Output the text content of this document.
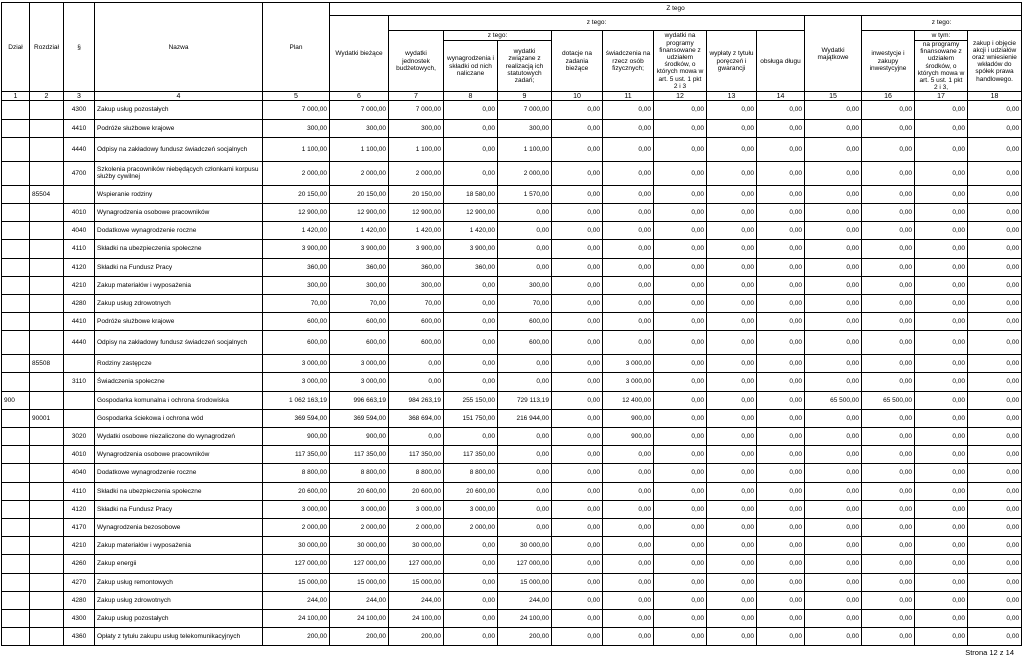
Dział	Rozdział	§	Nazwa	Plan	Z tego												
					Wydatki bieżące	z tego:								Wydatki majątkowe	z tego:		
						wydatki jednostek budżetowych,	z tego:		dotacje na zadania bieżące	świadczenia na rzecz osób fizycznych;	wydatki na programy finansowane z udziałem środków, o których mowa w art. 5 ust. 1 pkt 2 i 3	wypłaty z tytułu poręczeń i gwarancji	obsługa długu		inwestycje i zakupy inwestycyjne	w tym:	zakup i objęcie akcji i udziałów oraz wniesienie wkładów do spółek prawa handlowego.
							wynagrodzenia i składki od nich naliczane	wydatki związane z realizacją ich statutowych zadań;								na programy finansowane z udziałem środków, o których mowa w art. 5 ust. 1 pkt 2 i 3,	
1	2	3	4	5	6	7	8	9	10	11	12	13	14	15	16	17	18
		4300	Zakup usług pozostałych	7 000,00	7 000,00	7 000,00	0,00	7 000,00	0,00	0,00	0,00	0,00	0,00	0,00	0,00	0,00	0,00
		4410	Podróże służbowe krajowe	300,00	300,00	300,00	0,00	300,00	0,00	0,00	0,00	0,00	0,00	0,00	0,00	0,00	0,00
		4440	Odpisy na zakładowy fundusz świadczeń socjalnych	1 100,00	1 100,00	1 100,00	0,00	1 100,00	0,00	0,00	0,00	0,00	0,00	0,00	0,00	0,00	0,00
		4700	Szkolenia pracowników niebędących członkami korpusu służby cywilnej	2 000,00	2 000,00	2 000,00	0,00	2 000,00	0,00	0,00	0,00	0,00	0,00	0,00	0,00	0,00	0,00
	85504		Wspieranie rodziny	20 150,00	20 150,00	20 150,00	18 580,00	1 570,00	0,00	0,00	0,00	0,00	0,00	0,00	0,00	0,00	0,00
		4010	Wynagrodzenia osobowe pracowników	12 900,00	12 900,00	12 900,00	12 900,00	0,00	0,00	0,00	0,00	0,00	0,00	0,00	0,00	0,00	0,00
		4040	Dodatkowe wynagrodzenie roczne	1 420,00	1 420,00	1 420,00	1 420,00	0,00	0,00	0,00	0,00	0,00	0,00	0,00	0,00	0,00	0,00
		4110	Składki na ubezpieczenia społeczne	3 900,00	3 900,00	3 900,00	3 900,00	0,00	0,00	0,00	0,00	0,00	0,00	0,00	0,00	0,00	0,00
		4120	Składki na Fundusz Pracy	360,00	360,00	360,00	360,00	0,00	0,00	0,00	0,00	0,00	0,00	0,00	0,00	0,00	0,00
		4210	Zakup materiałów i wyposażenia	300,00	300,00	300,00	0,00	300,00	0,00	0,00	0,00	0,00	0,00	0,00	0,00	0,00	0,00
		4280	Zakup usług zdrowotnych	70,00	70,00	70,00	0,00	70,00	0,00	0,00	0,00	0,00	0,00	0,00	0,00	0,00	0,00
		4410	Podróże służbowe krajowe	600,00	600,00	600,00	0,00	600,00	0,00	0,00	0,00	0,00	0,00	0,00	0,00	0,00	0,00
		4440	Odpisy na zakładowy fundusz świadczeń socjalnych	600,00	600,00	600,00	0,00	600,00	0,00	0,00	0,00	0,00	0,00	0,00	0,00	0,00	0,00
	85508		Rodziny zastępcze	3 000,00	3 000,00	0,00	0,00	0,00	0,00	3 000,00	0,00	0,00	0,00	0,00	0,00	0,00	0,00
		3110	Świadczenia społeczne	3 000,00	3 000,00	0,00	0,00	0,00	0,00	3 000,00	0,00	0,00	0,00	0,00	0,00	0,00	0,00
900			Gospodarka komunalna i ochrona środowiska	1 062 163,19	996 663,19	984 263,19	255 150,00	729 113,19	0,00	12 400,00	0,00	0,00	0,00	65 500,00	65 500,00	0,00	0,00
	90001		Gospodarka ściekowa i ochrona wód	369 594,00	369 594,00	368 694,00	151 750,00	216 944,00	0,00	900,00	0,00	0,00	0,00	0,00	0,00	0,00	0,00
		3020	Wydatki osobowe niezaliczone do wynagrodzeń	900,00	900,00	0,00	0,00	0,00	0,00	900,00	0,00	0,00	0,00	0,00	0,00	0,00	0,00
		4010	Wynagrodzenia osobowe pracowników	117 350,00	117 350,00	117 350,00	117 350,00	0,00	0,00	0,00	0,00	0,00	0,00	0,00	0,00	0,00	0,00
		4040	Dodatkowe wynagrodzenie roczne	8 800,00	8 800,00	8 800,00	8 800,00	0,00	0,00	0,00	0,00	0,00	0,00	0,00	0,00	0,00	0,00
		4110	Składki na ubezpieczenia społeczne	20 600,00	20 600,00	20 600,00	20 600,00	0,00	0,00	0,00	0,00	0,00	0,00	0,00	0,00	0,00	0,00
		4120	Składki na Fundusz Pracy	3 000,00	3 000,00	3 000,00	3 000,00	0,00	0,00	0,00	0,00	0,00	0,00	0,00	0,00	0,00	0,00
		4170	Wynagrodzenia bezosobowe	2 000,00	2 000,00	2 000,00	2 000,00	0,00	0,00	0,00	0,00	0,00	0,00	0,00	0,00	0,00	0,00
		4210	Zakup materiałów i wyposażenia	30 000,00	30 000,00	30 000,00	0,00	30 000,00	0,00	0,00	0,00	0,00	0,00	0,00	0,00	0,00	0,00
		4260	Zakup energii	127 000,00	127 000,00	127 000,00	0,00	127 000,00	0,00	0,00	0,00	0,00	0,00	0,00	0,00	0,00	0,00
		4270	Zakup usług remontowych	15 000,00	15 000,00	15 000,00	0,00	15 000,00	0,00	0,00	0,00	0,00	0,00	0,00	0,00	0,00	0,00
		4280	Zakup usług zdrowotnych	244,00	244,00	244,00	0,00	244,00	0,00	0,00	0,00	0,00	0,00	0,00	0,00	0,00	0,00
		4300	Zakup usług pozostałych	24 100,00	24 100,00	24 100,00	0,00	24 100,00	0,00	0,00	0,00	0,00	0,00	0,00	0,00	0,00	0,00
		4360	Opłaty z tytułu zakupu usług telekomunikacyjnych	200,00	200,00	200,00	0,00	200,00	0,00	0,00	0,00	0,00	0,00	0,00	0,00	0,00	0,00
Strona 12 z 14
